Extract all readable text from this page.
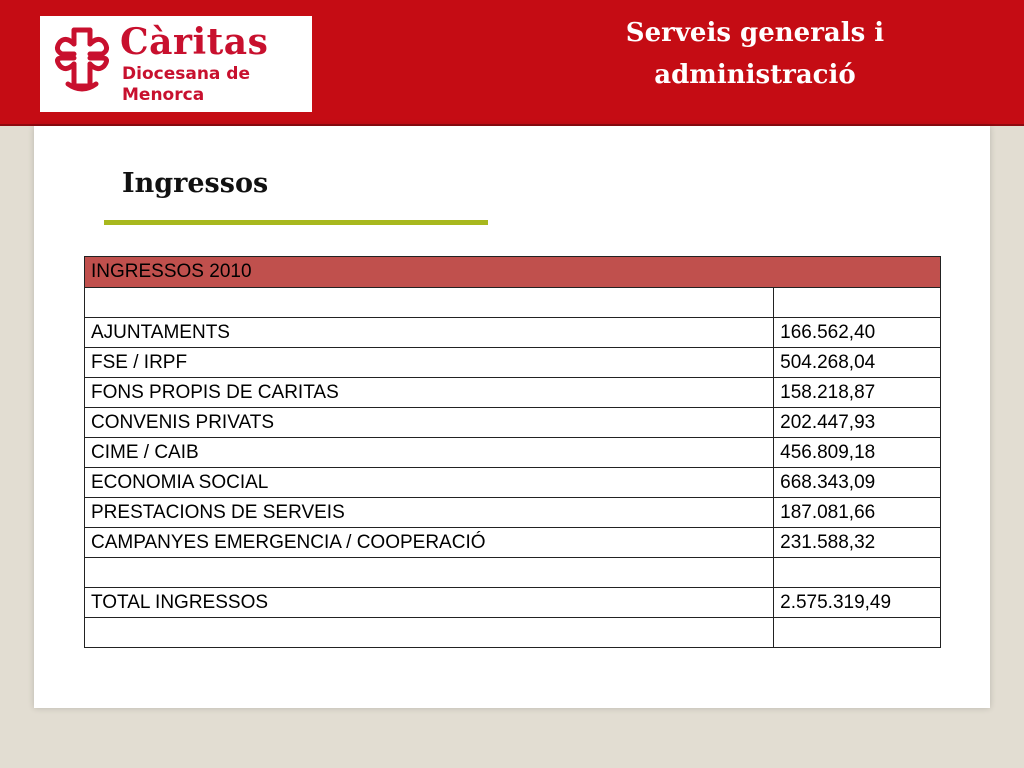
Càritas
Diocesana de
Menorca
Serveis generals i
administració
Ingressos
INGRESSOS 2010	

AJUNTAMENTS	166.562,40
FSE / IRPF	504.268,04
FONS PROPIS DE CARITAS	158.218,87
CONVENIS PRIVATS	202.447,93
CIME / CAIB	456.809,18
ECONOMIA SOCIAL	668.343,09
PRESTACIONS DE SERVEIS	187.081,66
CAMPANYES EMERGENCIA / COOPERACIÓ	231.588,32

TOTAL INGRESSOS	2.575.319,49
